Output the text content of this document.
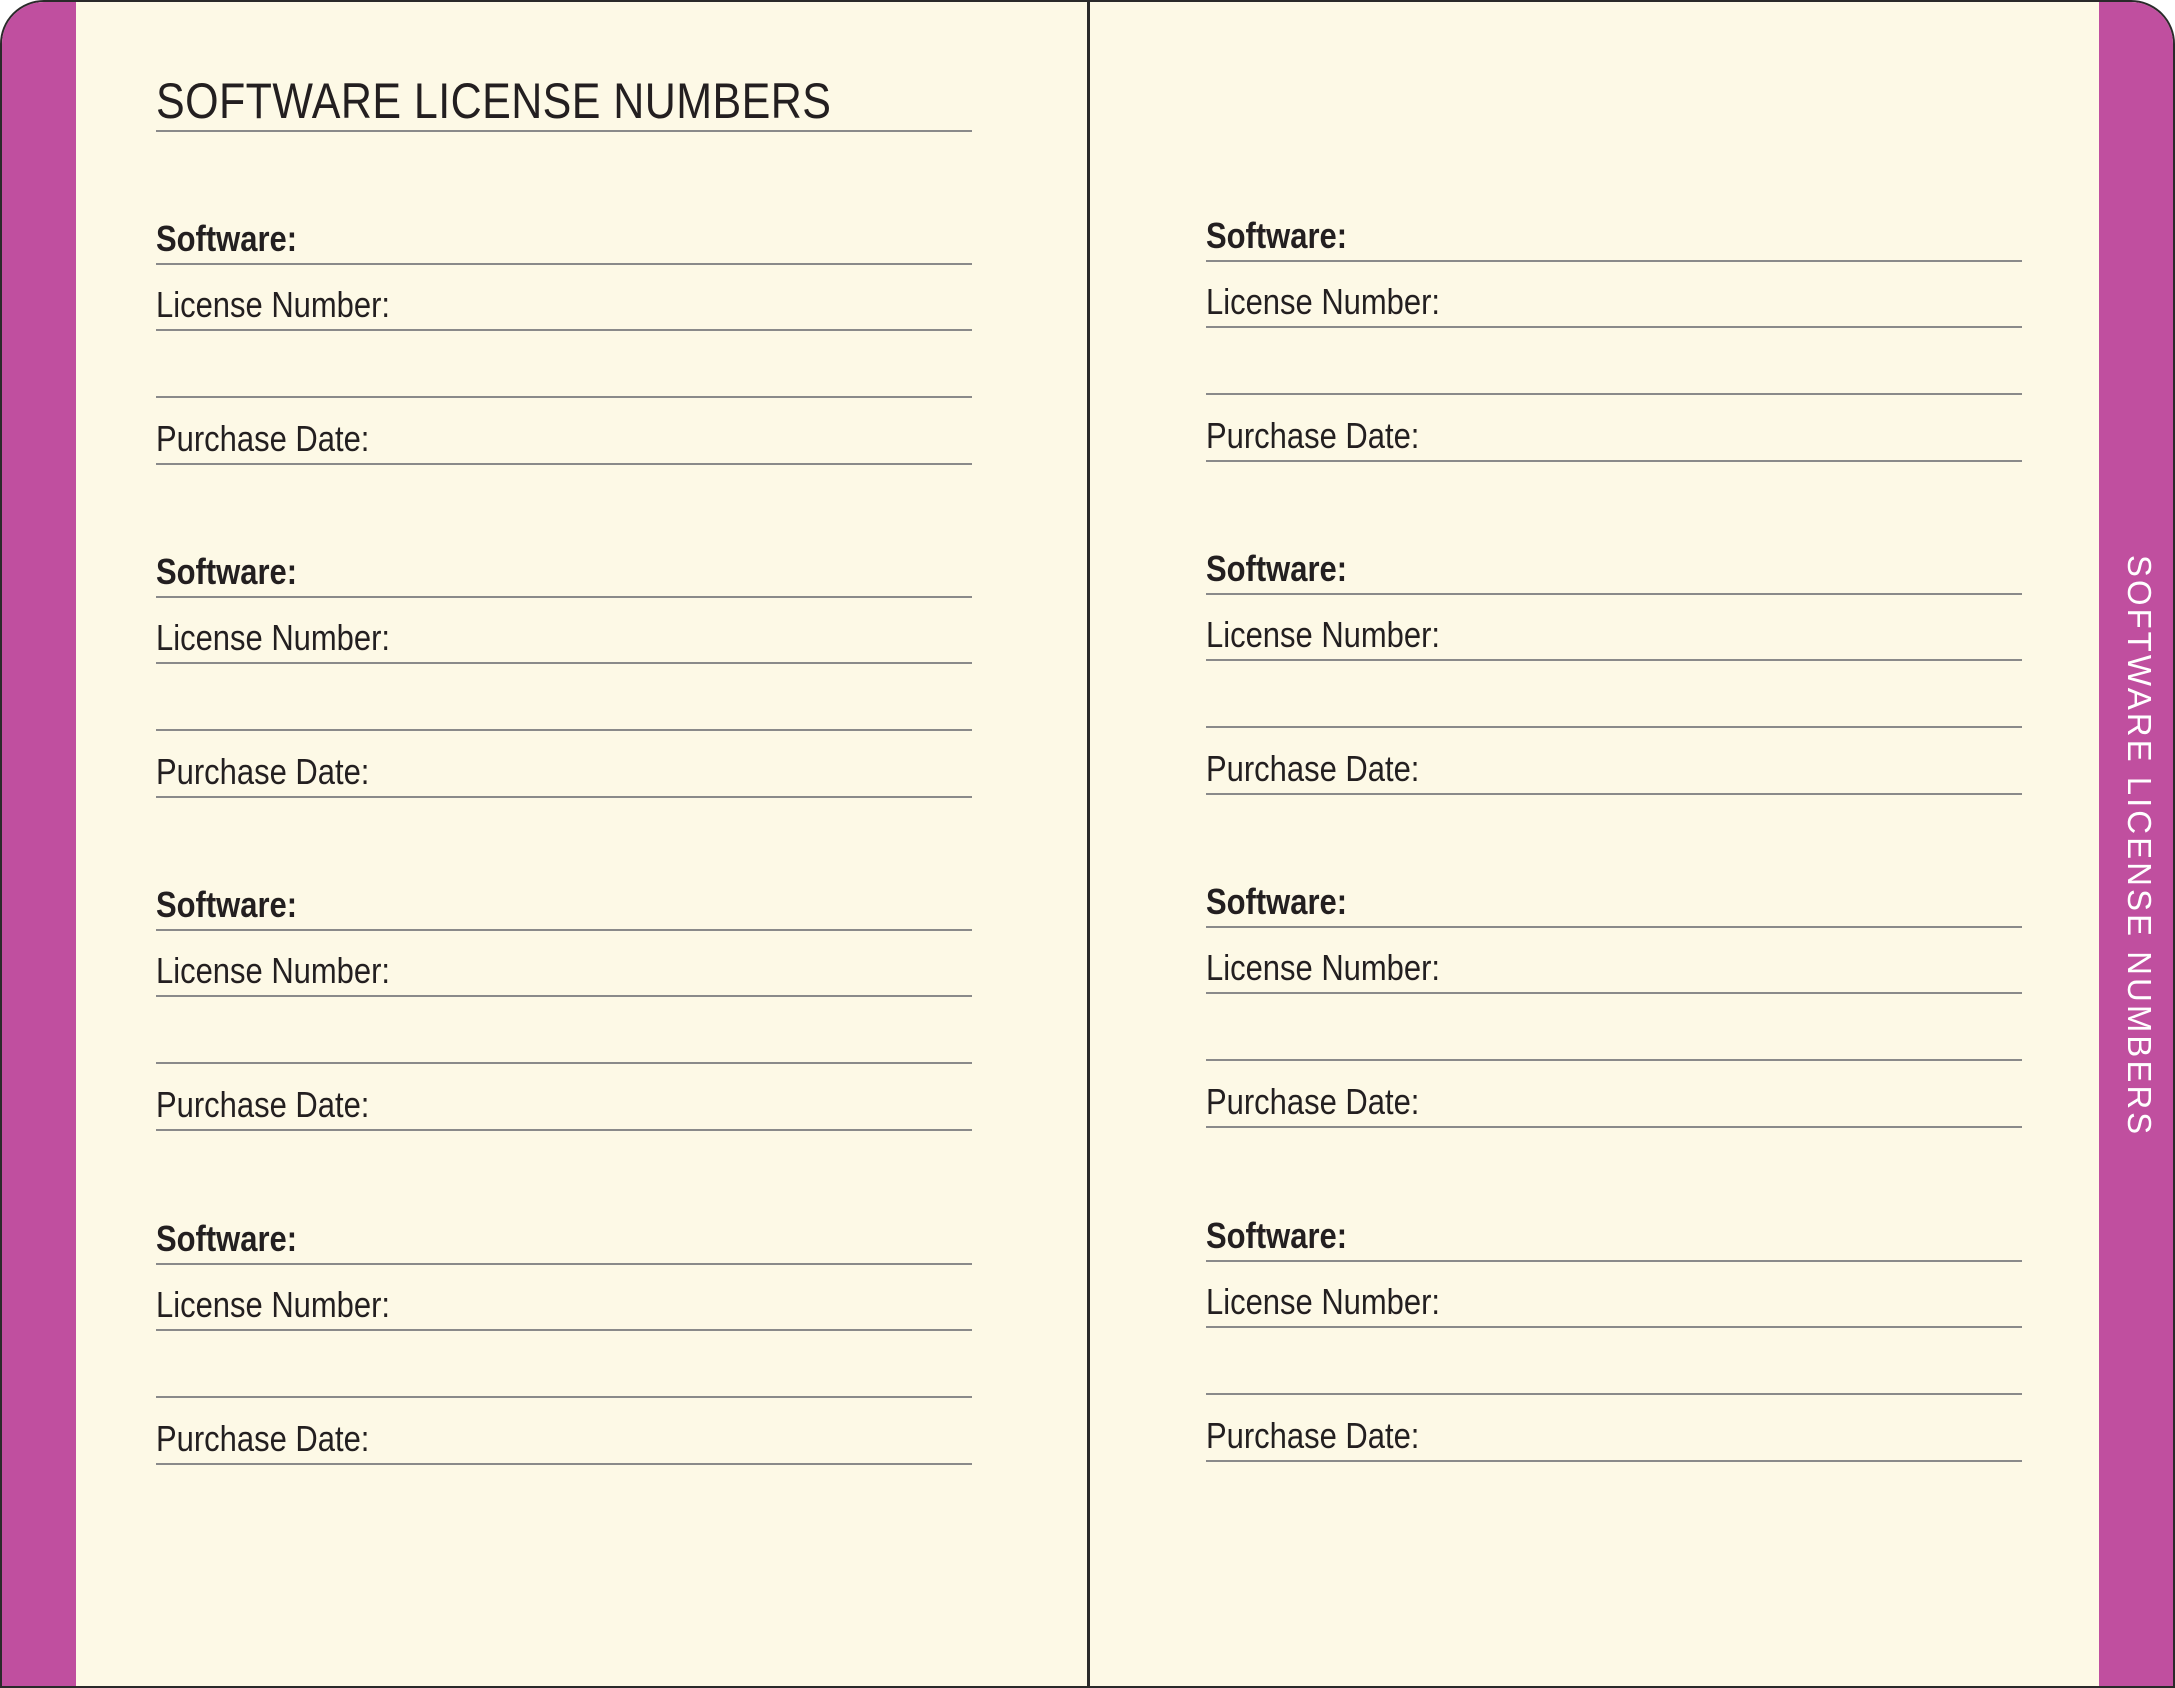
SOFTWARE LICENSE NUMBERS
SOFTWARE LICENSE NUMBERS
Software:
License Number:
Purchase Date:
Software:
License Number:
Purchase Date:
Software:
License Number:
Purchase Date:
Software:
License Number:
Purchase Date:
Software:
License Number:
Purchase Date:
Software:
License Number:
Purchase Date:
Software:
License Number:
Purchase Date:
Software:
License Number:
Purchase Date:
